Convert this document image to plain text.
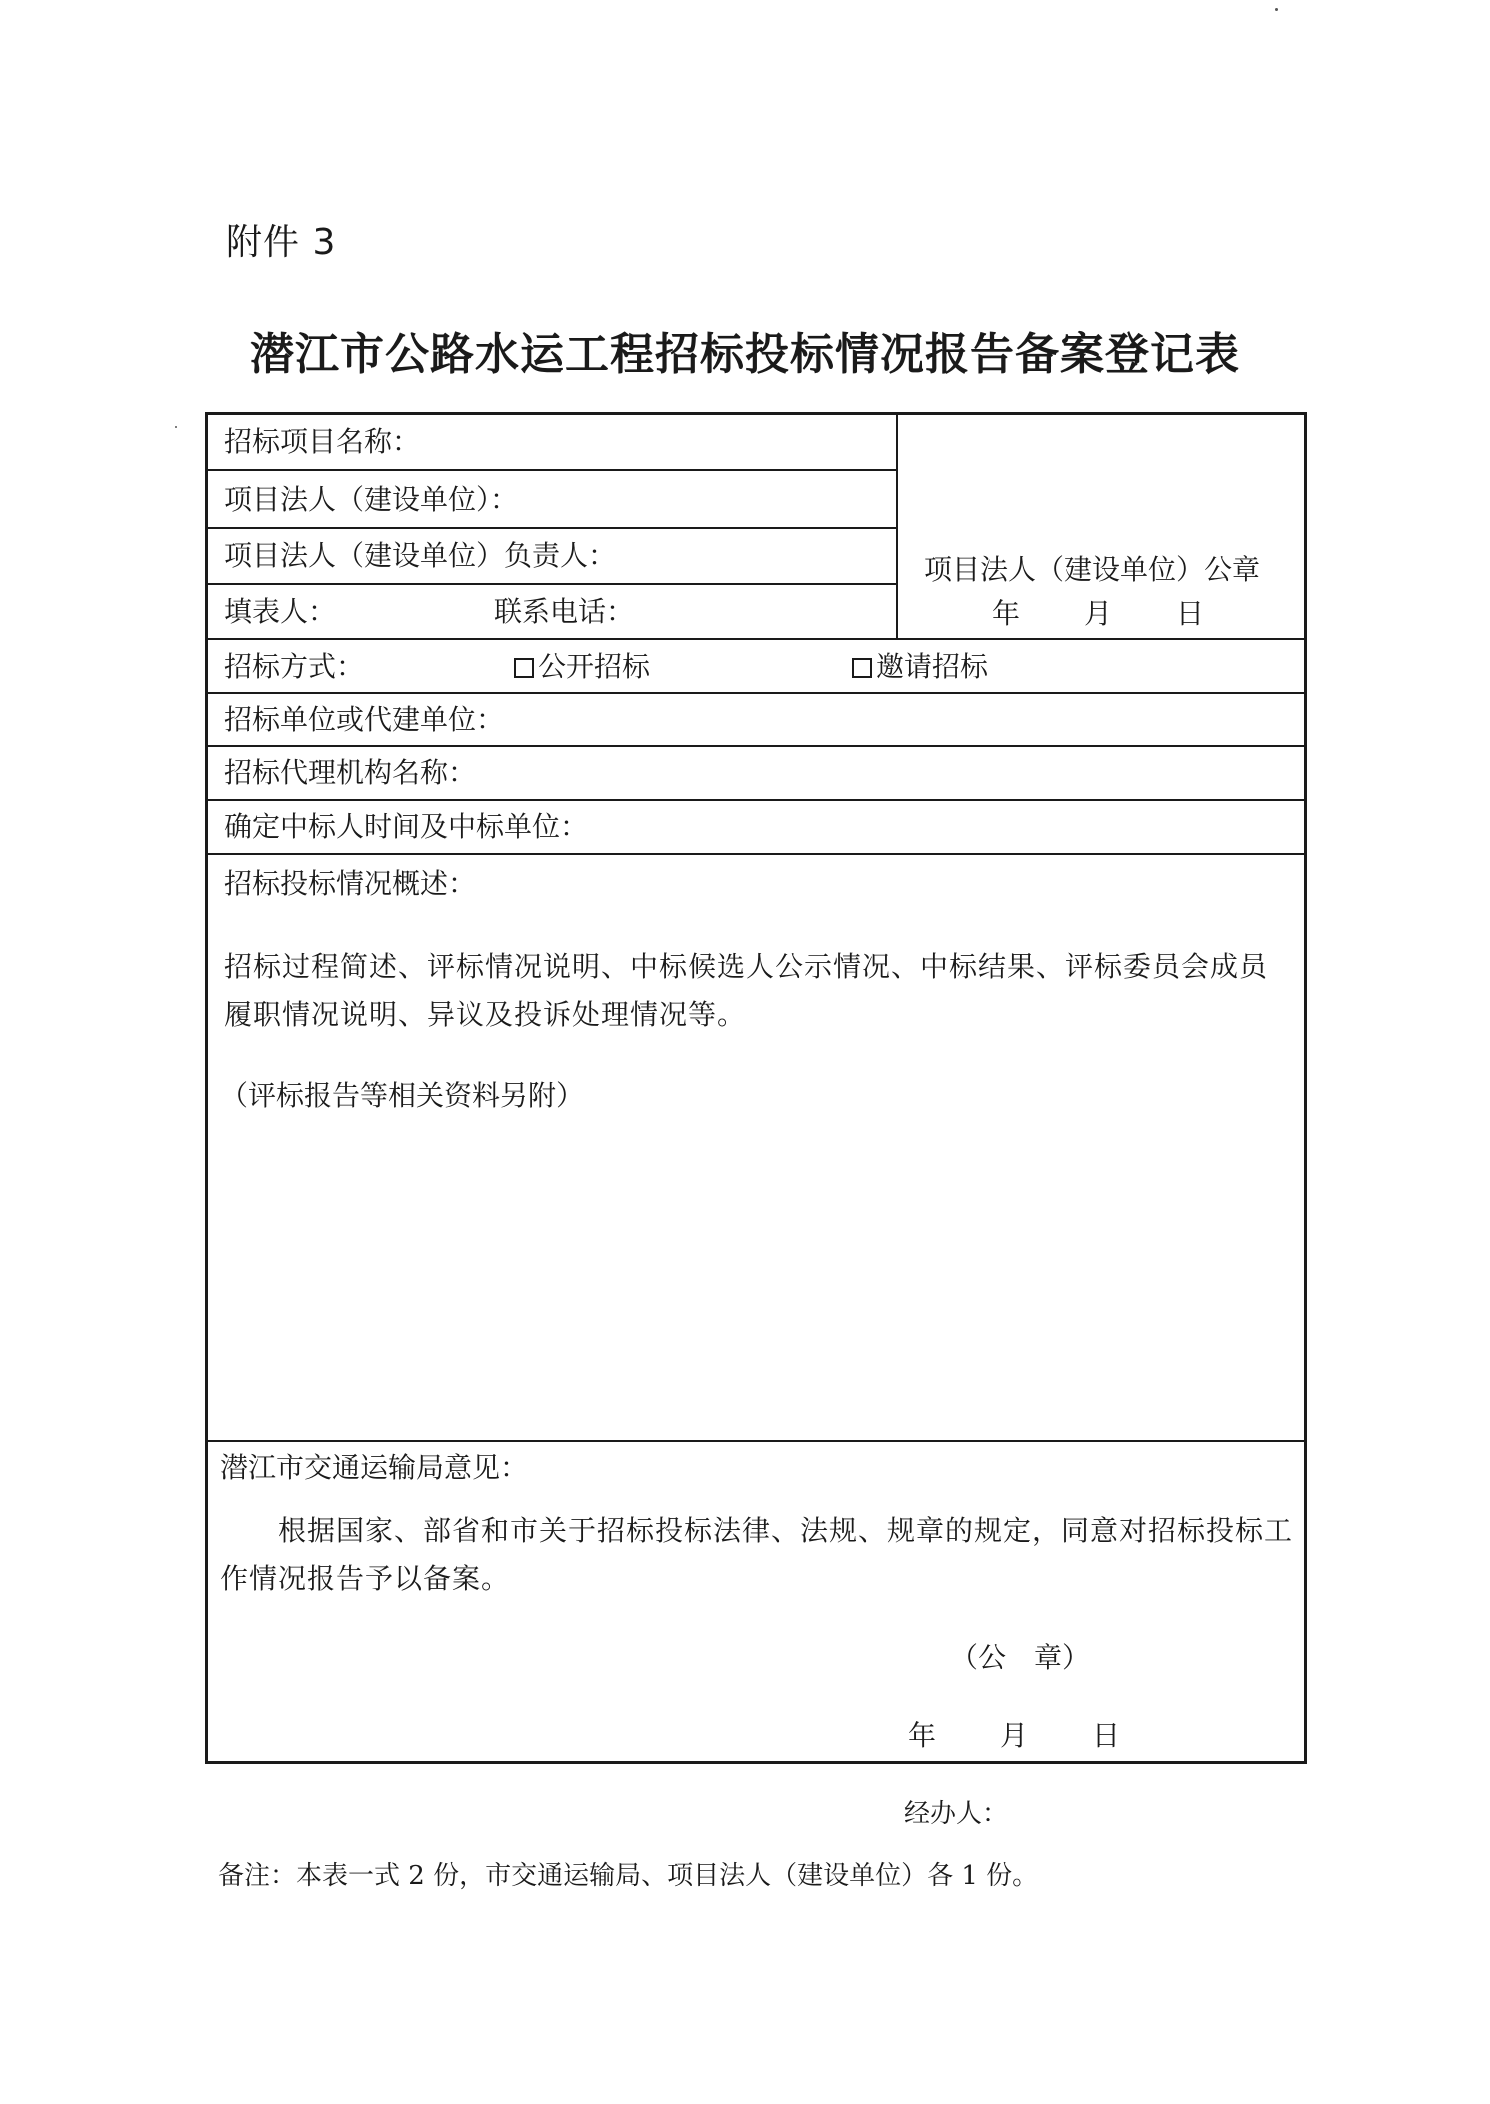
附件 3
潜江市公路水运工程招标投标情况报告备案登记表
招标项目名称：
项目法人（建设单位）：
项目法人（建设单位）负责人：
填表人：	联系电话：
项目法人（建设单位）公章
年 月 日
招标方式：	公开招标	邀请招标
招标单位或代建单位：
招标代理机构名称：
确定中标人时间及中标单位：
招标投标情况概述：
招标过程简述、评标情况说明、中标候选人公示情况、中标结果、评标委员会成员履职情况说明、异议及投诉处理情况等。
（评标报告等相关资料另附）
潜江市交通运输局意见：
根据国家、部省和市关于招标投标法律、法规、规章的规定，同意对招标投标工作情况报告予以备案。
（公　章）
年 月 日
经办人：
备注：本表一式 2 份，市交通运输局、项目法人（建设单位）各 1 份。
